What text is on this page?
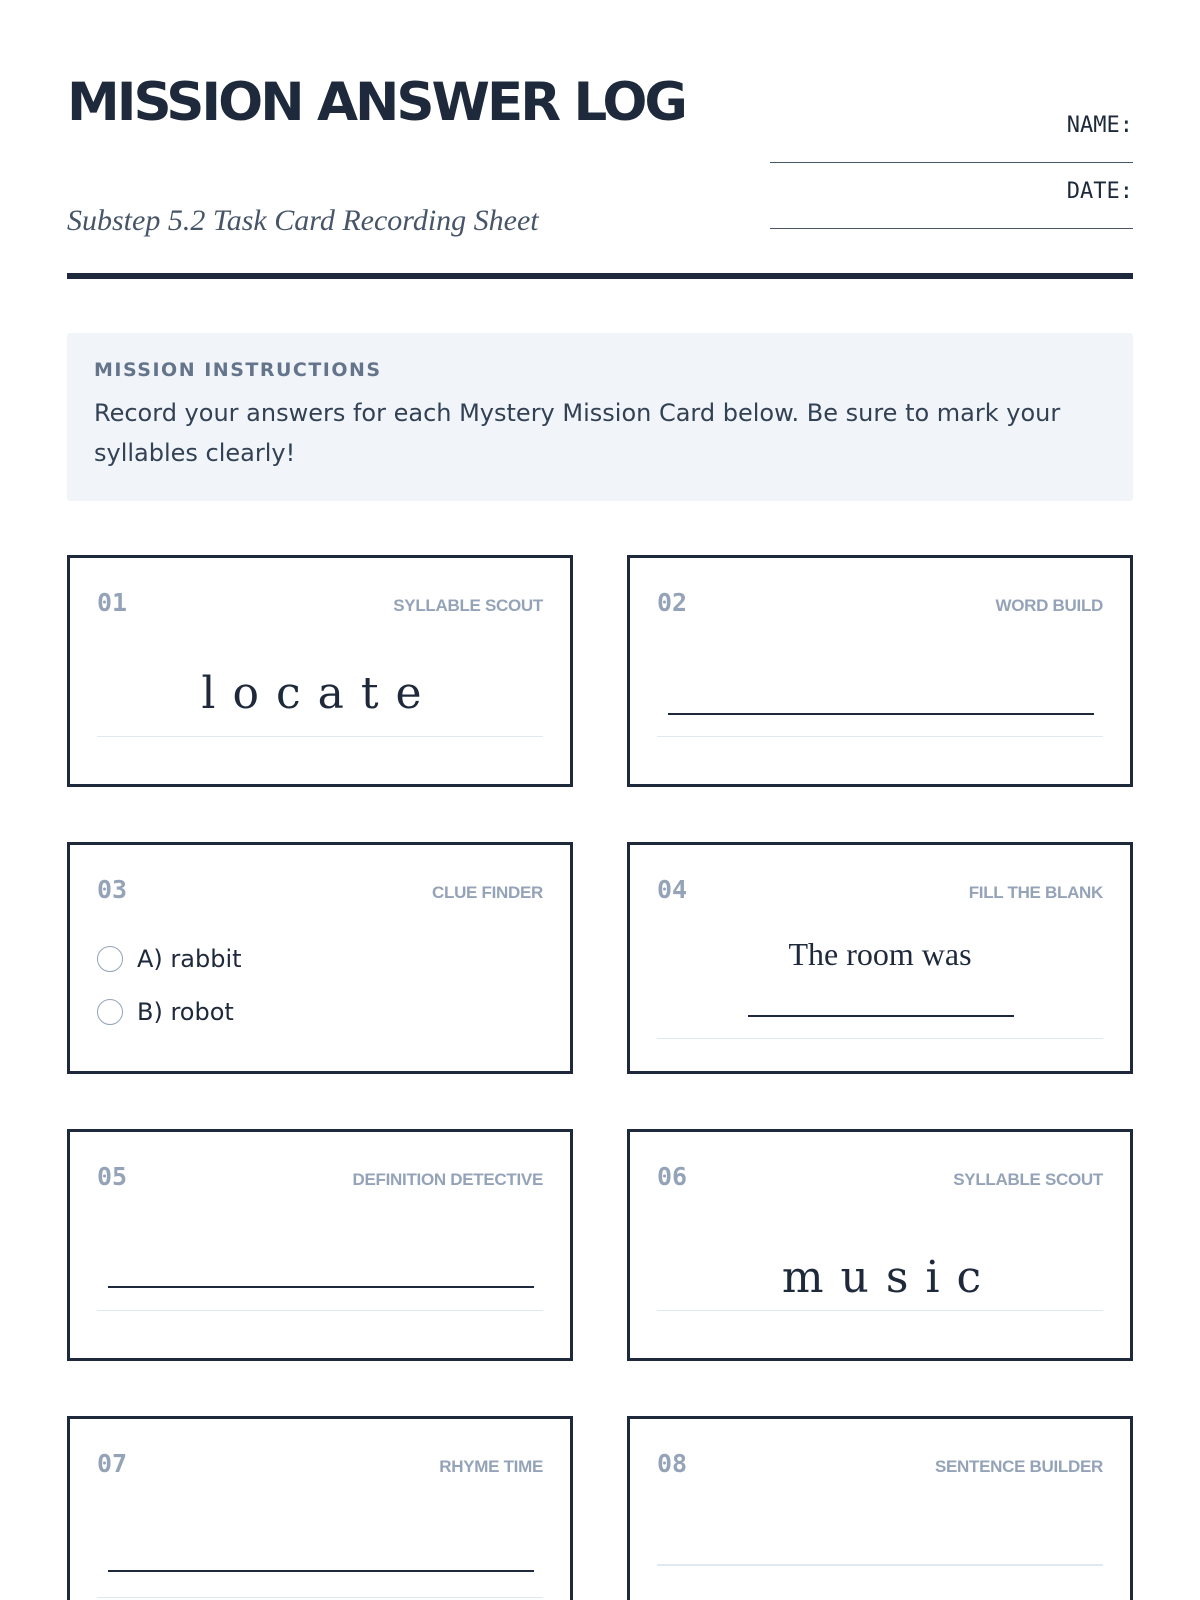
MISSION ANSWER LOG
Substep 5.2 Task Card Recording Sheet
NAME:
DATE:
MISSION INSTRUCTIONS
Record your answers for each Mystery Mission Card below. Be sure to mark your syllables clearly!
01	SYLLABLE SCOUT
locate
02	WORD BUILD
03	CLUE FINDER
A) rabbit
B) robot
04	FILL THE BLANK
The room was
05	DEFINITION DETECTIVE	06	SYLLABLE SCOUT
music
07	RHYME TIME	08	SENTENCE BUILDER
